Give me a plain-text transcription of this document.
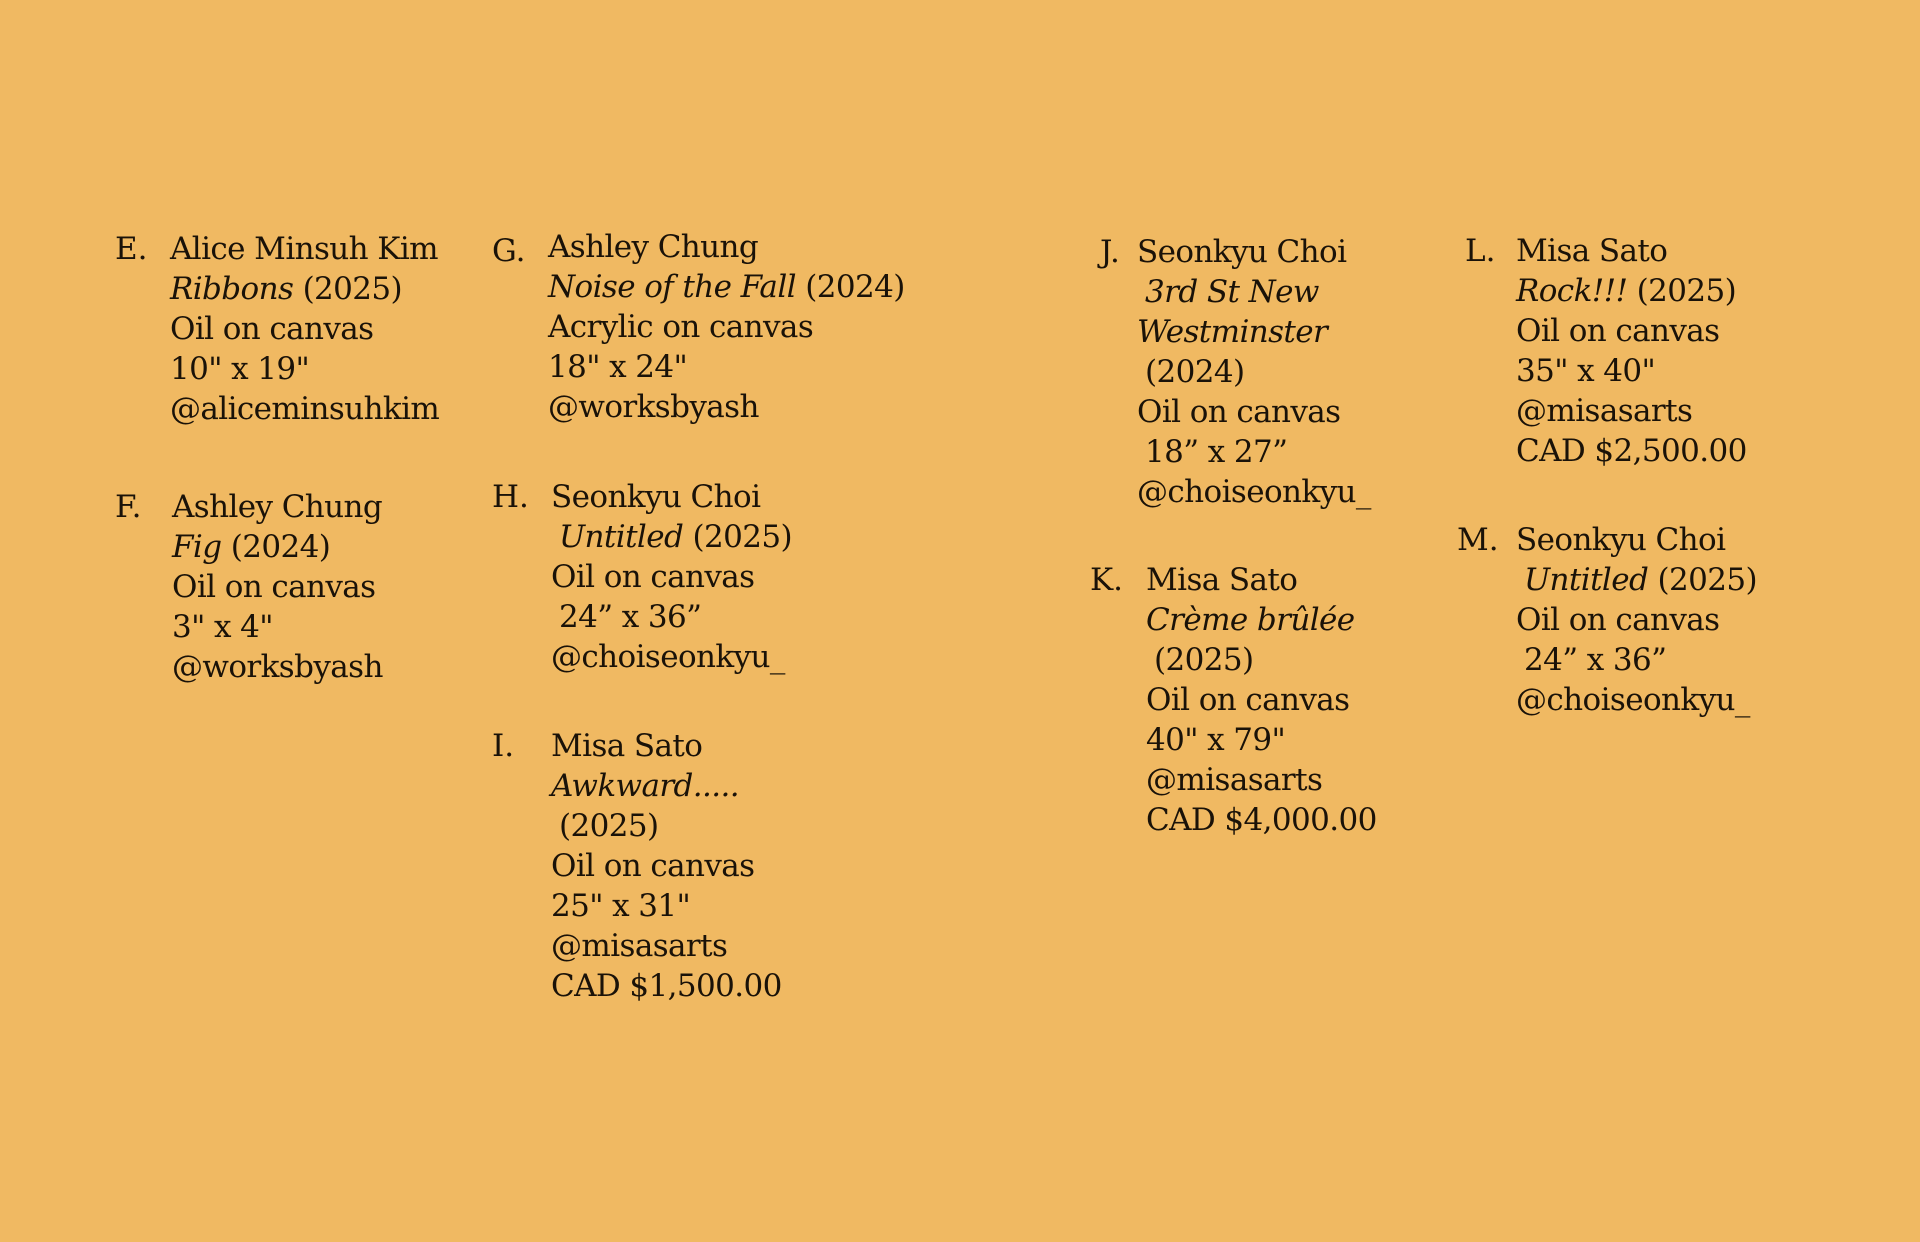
E. Alice Minsuh Kim
Ribbons (2025)
Oil on canvas
10" x 19"
@aliceminsuhkim
F. Ashley Chung
Fig (2024)
Oil on canvas
3" x 4"
@worksbyash
G. Ashley Chung
Noise of the Fall (2024)
Acrylic on canvas
18" x 24"
@worksbyash
H. Seonkyu Choi
Untitled (2025)
Oil on canvas
24” x 36”
@choiseonkyu_
I. Misa Sato
Awkward.....
(2025)
Oil on canvas
25" x 31"
@misasarts
CAD $1,500.00
J. Seonkyu Choi
3rd St New
Westminster
(2024)
Oil on canvas
18” x 27”
@choiseonkyu_
K. Misa Sato
Crème brûlée
(2025)
Oil on canvas
40" x 79"
@misasarts
CAD $4,000.00
L. Misa Sato
Rock!!! (2025)
Oil on canvas
35" x 40"
@misasarts
CAD $2,500.00
M. Seonkyu Choi
Untitled (2025)
Oil on canvas
24” x 36”
@choiseonkyu_
